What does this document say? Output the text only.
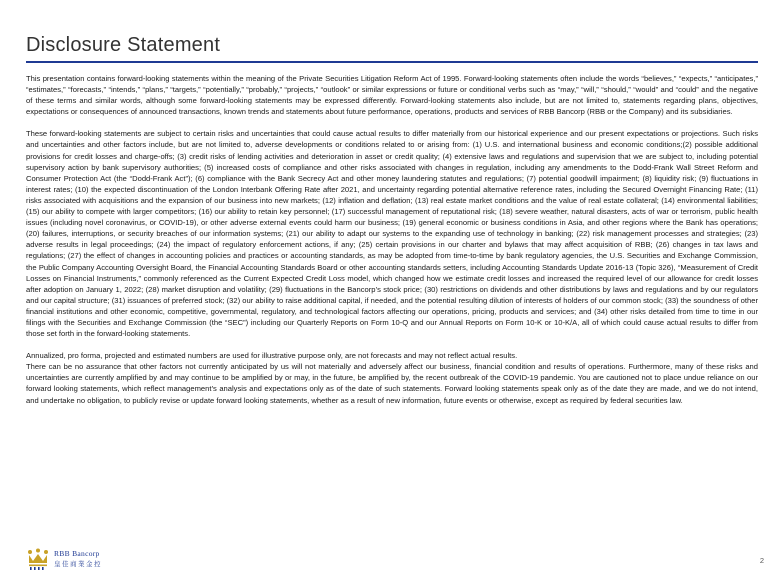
Disclosure Statement

This presentation contains forward-looking statements within the meaning of the Private Securities Litigation Reform Act of 1995. Forward-looking statements often include the words “believes,” “expects,” “anticipates,” “estimates,” “forecasts,” “intends,” “plans,” “targets,” “potentially,” “probably,” “projects,” “outlook” or similar expressions or future or conditional verbs such as “may,” “will,” “should,” “would” and “could” and the negative of these terms and similar words, although some forward-looking statements may be expressed differently. Forward-looking statements also include, but are not limited to, statements regarding plans, objectives, expectations or consequences of announced transactions, known trends and statements about future performance, operations, products and services of RBB Bancorp (RBB or the Company) and its subsidiaries.

These forward-looking statements are subject to certain risks and uncertainties that could cause actual results to differ materially from our historical experience and our present expectations or projections. Such risks and uncertainties and other factors include, but are not limited to, adverse developments or conditions related to or arising from: (1) U.S. and international business and economic conditions;(2) possible additional provisions for credit losses and charge-offs; (3) credit risks of lending activities and deterioration in asset or credit quality; (4) extensive laws and regulations and supervision that we are subject to, including potential supervisory action by bank supervisory authorities; (5) increased costs of compliance and other risks associated with changes in regulation, including any amendments to the Dodd-Frank Wall Street Reform and Consumer Protection Act (the “Dodd-Frank Act”); (6) compliance with the Bank Secrecy Act and other money laundering statutes and regulations; (7) potential goodwill impairment; (8) liquidity risk; (9) fluctuations in interest rates; (10) the expected discontinuation of the London Interbank Offering Rate after 2021, and uncertainty regarding potential alternative reference rates, including the Secured Overnight Financing Rate; (11) risks associated with acquisitions and the expansion of our business into new markets; (12) inflation and deflation; (13) real estate market conditions and the value of real estate collateral; (14) environmental liabilities; (15) our ability to compete with larger competitors; (16) our ability to retain key personnel; (17) successful management of reputational risk; (18) severe weather, natural disasters, acts of war or terrorism, public health issues (including novel coronavirus, or COVID-19), or other adverse external events could harm our business; (19) general economic or business conditions in Asia, and other regions where the Bank has operations; (20) failures, interruptions, or security breaches of our information systems; (21) our ability to adapt our systems to the expanding use of technology in banking; (22) risk management processes and strategies; (23) adverse results in legal proceedings; (24) the impact of regulatory enforcement actions, if any; (25) certain provisions in our charter and bylaws that may affect acquisition of RBB; (26) changes in tax laws and regulations; (27) the effect of changes in accounting policies and practices or accounting standards, as may be adopted from time-to-time by bank regulatory agencies, the U.S. Securities and Exchange Commission, the Public Company Accounting Oversight Board, the Financial Accounting Standards Board or other accounting standards setters, including Accounting Standards Update 2016-13 (Topic 326), “Measurement of Credit Losses on Financial Instruments,” commonly referenced as the Current Expected Credit Loss model, which changed how we estimate credit losses and increased the required level of our allowance for credit losses after adoption on January 1, 2022; (28) market disruption and volatility; (29) fluctuations in the Bancorp’s stock price; (30) restrictions on dividends and other distributions by laws and regulations and by our regulators and our capital structure; (31) issuances of preferred stock; (32) our ability to raise additional capital, if needed, and the potential resulting dilution of interests of holders of our common stock; (33) the soundness of other financial institutions and other economic, competitive, governmental, regulatory, and technological factors affecting our operations, pricing, products and services; and (34) other risks detailed from time to time in our filings with the Securities and Exchange Commission (the “SEC”) including our Quarterly Reports on Form 10-Q and our Annual Reports on Form 10-K or 10-K/A, all of which could cause actual results to differ from those set forth in the forward-looking statements.

Annualized, pro forma, projected and estimated numbers are used for illustrative purpose only, are not forecasts and may not reflect actual results.

There can be no assurance that other factors not currently anticipated by us will not materially and adversely affect our business, financial condition and results of operations. Furthermore, many of these risks and uncertainties are currently amplified by and may continue to be amplified by or may, in the future, be amplified by, the recent outbreak of the COVID-19 pandemic. You are cautioned not to place undue reliance on our forward looking statements, which reflect management’s analysis and expectations only as of the date of such statements. Forward looking statements speak only as of the date they are made, and we do not intend, and undertake no obligation, to publicly revise or update forward looking statements, whether as a result of new information, future events or otherwise, except as required by federal securities law.

RBB Bancorp
皇佳商業金控	2
